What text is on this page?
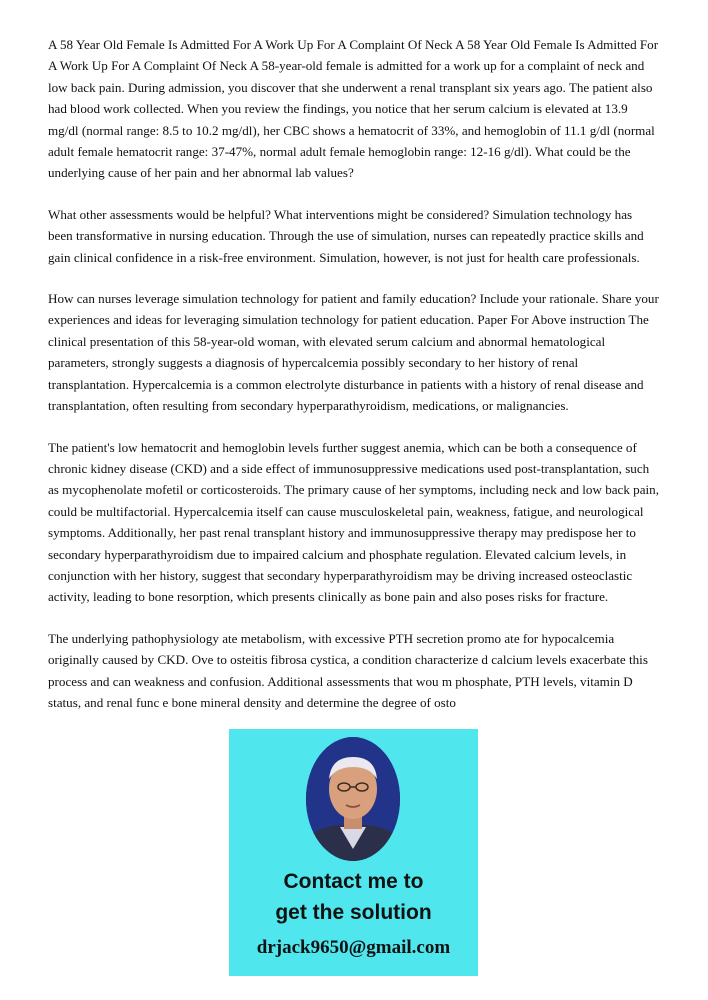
A 58 Year Old Female Is Admitted For A Work Up For A Complaint Of Neck A 58 Year Old Female Is Admitted For A Work Up For A Complaint Of Neck A 58-year-old female is admitted for a work up for a complaint of neck and low back pain. During admission, you discover that she underwent a renal transplant six years ago. The patient also had blood work collected. When you review the findings, you notice that her serum calcium is elevated at 13.9 mg/dl (normal range: 8.5 to 10.2 mg/dl), her CBC shows a hematocrit of 33%, and hemoglobin of 11.1 g/dl (normal adult female hematocrit range: 37-47%, normal adult female hemoglobin range: 12-16 g/dl). What could be the underlying cause of her pain and her abnormal lab values?

What other assessments would be helpful? What interventions might be considered? Simulation technology has been transformative in nursing education. Through the use of simulation, nurses can repeatedly practice skills and gain clinical confidence in a risk-free environment. Simulation, however, is not just for health care professionals.

How can nurses leverage simulation technology for patient and family education? Include your rationale. Share your experiences and ideas for leveraging simulation technology for patient education. Paper For Above instruction The clinical presentation of this 58-year-old woman, with elevated serum calcium and abnormal hematological parameters, strongly suggests a diagnosis of hypercalcemia possibly secondary to her history of renal transplantation. Hypercalcemia is a common electrolyte disturbance in patients with a history of renal disease and transplantation, often resulting from secondary hyperparathyroidism, medications, or malignancies.

The patient's low hematocrit and hemoglobin levels further suggest anemia, which can be both a consequence of chronic kidney disease (CKD) and a side effect of immunosuppressive medications used post-transplantation, such as mycophenolate mofetil or corticosteroids. The primary cause of her symptoms, including neck and low back pain, could be multifactorial. Hypercalcemia itself can cause musculoskeletal pain, weakness, fatigue, and neurological symptoms. Additionally, her past renal transplant history and immunosuppressive therapy may predispose her to secondary hyperparathyroidism due to impaired calcium and phosphate regulation. Elevated calcium levels, in conjunction with her history, suggest that secondary hyperparathyroidism may be driving increased osteoclastic activity, leading to bone resorption, which presents clinically as bone pain and also poses risks for fracture.

The underlying pathophysiology ate metabolism, with excessive PTH secretion promo ate for hypocalcemia originally caused by CKD. Ove to osteitis fibrosa cystica, a condition characterize d calcium levels exacerbate this process and can weakness and confusion. Additional assessments that wou m phosphate, PTH levels, vitamin D status, and renal func e bone mineral density and determine the degree of osto

Contact me to
get the solution
drjack9650@gmail.com
